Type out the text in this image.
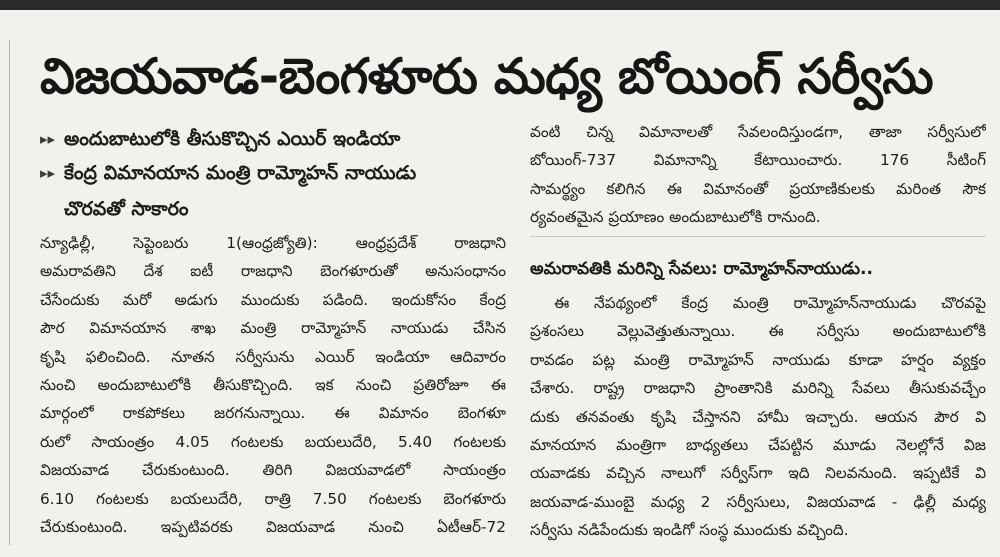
విజయవాడ-బెంగళూరు మధ్య బోయింగ్ సర్వీసు
▸▸ అందుబాటులోకి తీసుకొచ్చిన ఎయిర్ ఇండియా
▸▸ కేంద్ర విమానయాన మంత్రి రామ్మోహన్ నాయుడు
చొరవతో సాకారం
న్యూఢిల్లీ, సెప్టెంబరు 1(ఆంధ్రజ్యోతి): ఆంధ్రప్రదేశ్ రాజధాని
అమరావతిని దేశ ఐటీ రాజధాని బెంగళూరుతో అనుసంధానం
చేసేందుకు మరో అడుగు ముందుకు పడింది. ఇందుకోసం కేంద్ర
పౌర విమానయాన శాఖ మంత్రి రామ్మోహన్ నాయుడు చేసిన
కృషి ఫలించింది. నూతన సర్వీసును ఎయిర్ ఇండియా ఆదివారం
నుంచి అందుబాటులోకి తీసుకొచ్చింది. ఇక నుంచి ప్రతిరోజూ ఈ
మార్గంలో రాకపోకలు జరగనున్నాయి. ఈ విమానం బెంగళూ
రులో సాయంత్రం 4.05 గంటలకు బయలుదేరి, 5.40 గంటలకు
విజయవాడ చేరుకుంటుంది. తిరిగి విజయవాడలో సాయంత్రం
6.10 గంటలకు బయలుదేరి, రాత్రి 7.50 గంటలకు బెంగళూరు
చేరుకుంటుంది. ఇప్పటివరకు విజయవాడ నుంచి ఏటీఆర్-72
వంటి చిన్న విమానాలతో సేవలందిస్తుండగా, తాజా సర్వీసులో
బోయింగ్-737 విమానాన్ని కేటాయించారు. 176 సీటింగ్
సామర్థ్యం కలిగిన ఈ విమానంతో ప్రయాణికులకు మరింత సౌక
ర్యవంతమైన ప్రయాణం అందుబాటులోకి రానుంది.
అమరావతికి మరిన్ని సేవలు: రామ్మోహన్‌నాయుడు..
ఈ నేపథ్యంలో కేంద్ర మంత్రి రామ్మోహన్‌నాయుడు చొరవపై
ప్రశంసలు వెల్లువెత్తుతున్నాయి. ఈ సర్వీసు అందుబాటులోకి
రావడం పట్ల మంత్రి రామ్మోహన్ నాయుడు కూడా హర్షం వ్యక్తం
చేశారు. రాష్ట్ర రాజధాని ప్రాంతానికి మరిన్ని సేవలు తీసుకువచ్చేం
దుకు తనవంతు కృషి చేస్తానని హామీ ఇచ్చారు. ఆయన పౌర వి
మానయాన మంత్రిగా బాధ్యతలు చేపట్టిన మూడు నెలల్లోనే విజ
యవాడకు వచ్చిన నాలుగో సర్వీస్‌గా ఇది నిలవనుంది. ఇప్పటికే వి
జయవాడ-ముంబై మధ్య 2 సర్వీసులు, విజయవాడ - ఢిల్లీ మధ్య
సర్వీసు నడిపేందుకు ఇండిగో సంస్థ ముందుకు వచ్చింది.
